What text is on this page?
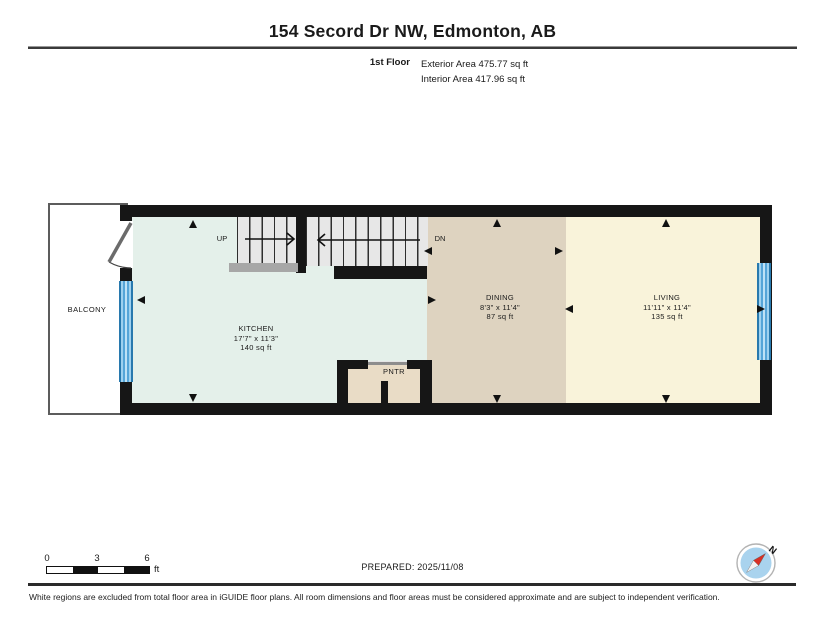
154 Secord Dr NW, Edmonton, AB
1st Floor Exterior Area 475.77 sq ft
Interior Area 417.96 sq ft
KITCHEN
17'7" x 11'3"
140 sq ft
DINING
8'3" x 11'4"
87 sq ft
LIVING
11'11" x 11'4"
135 sq ft
BALCONY
UP	DN
PNTR
0	3	6
ft	PREPARED: 2025/11/08
N
White regions are excluded from total floor area in iGUIDE floor plans. All room dimensions and floor areas must be considered approximate and are subject to independent verification.
